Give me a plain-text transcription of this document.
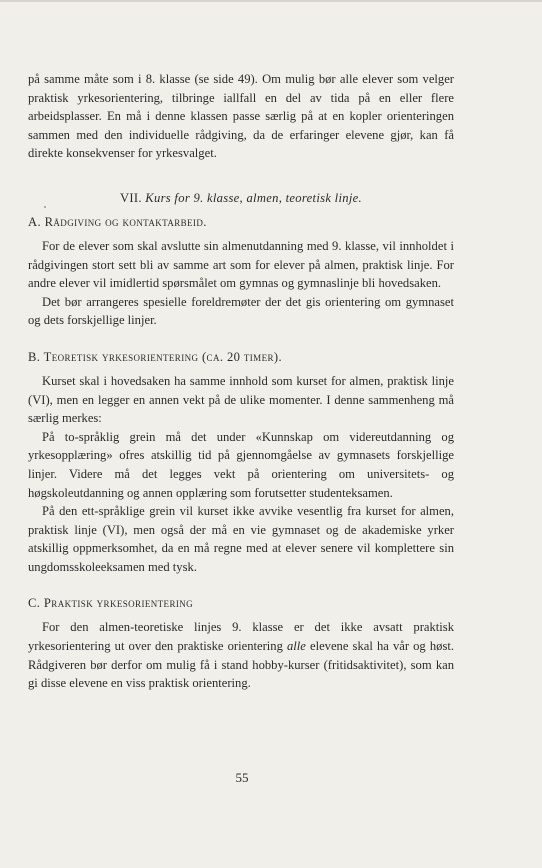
på samme måte som i 8. klasse (se side 49). Om mulig bør alle elever som velger praktisk yrkesorientering, tilbringe iallfall en del av tida på en eller flere arbeidsplasser. En må i denne klassen passe særlig på at en kopler orienteringen sammen med den individuelle rådgiving, da de erfaringer elevene gjør, kan få direkte konsekvenser for yrkesvalget.

VII. Kurs for 9. klasse, almen, teoretisk linje.

A. Rådgiving og kontaktarbeid.

For de elever som skal avslutte sin almenutdanning med 9. klasse, vil innholdet i rådgivingen stort sett bli av samme art som for elever på almen, praktisk linje. For andre elever vil imidlertid spørsmålet om gymnas og gymnaslinje bli hovedsaken.

Det bør arrangeres spesielle foreldremøter der det gis orientering om gymnaset og dets forskjellige linjer.

B. Teoretisk yrkesorientering (ca. 20 timer).

Kurset skal i hovedsaken ha samme innhold som kurset for almen, praktisk linje (VI), men en legger en annen vekt på de ulike momenter. I denne sammenheng må særlig merkes:

På to-språklig grein må det under «Kunnskap om videreutdanning og yrkesopplæring» ofres atskillig tid på gjennomgåelse av gymnasets forskjellige linjer. Videre må det legges vekt på orientering om universitets- og høgskoleutdanning og annen opplæring som forutsetter studenteksamen.

På den ett-språklige grein vil kurset ikke avvike vesentlig fra kurset for almen, praktisk linje (VI), men også der må en vie gymnaset og de akademiske yrker atskillig oppmerksomhet, da en må regne med at elever senere vil komplettere sin ungdomsskoleeksamen med tysk.

C. Praktisk yrkesorientering

For den almen-teoretiske linjes 9. klasse er det ikke avsatt praktisk yrkesorientering ut over den praktiske orientering alle elevene skal ha vår og høst. Rådgiveren bør derfor om mulig få i stand hobby-kurser (fritidsaktivitet), som kan gi disse elevene en viss praktisk orientering.

55
